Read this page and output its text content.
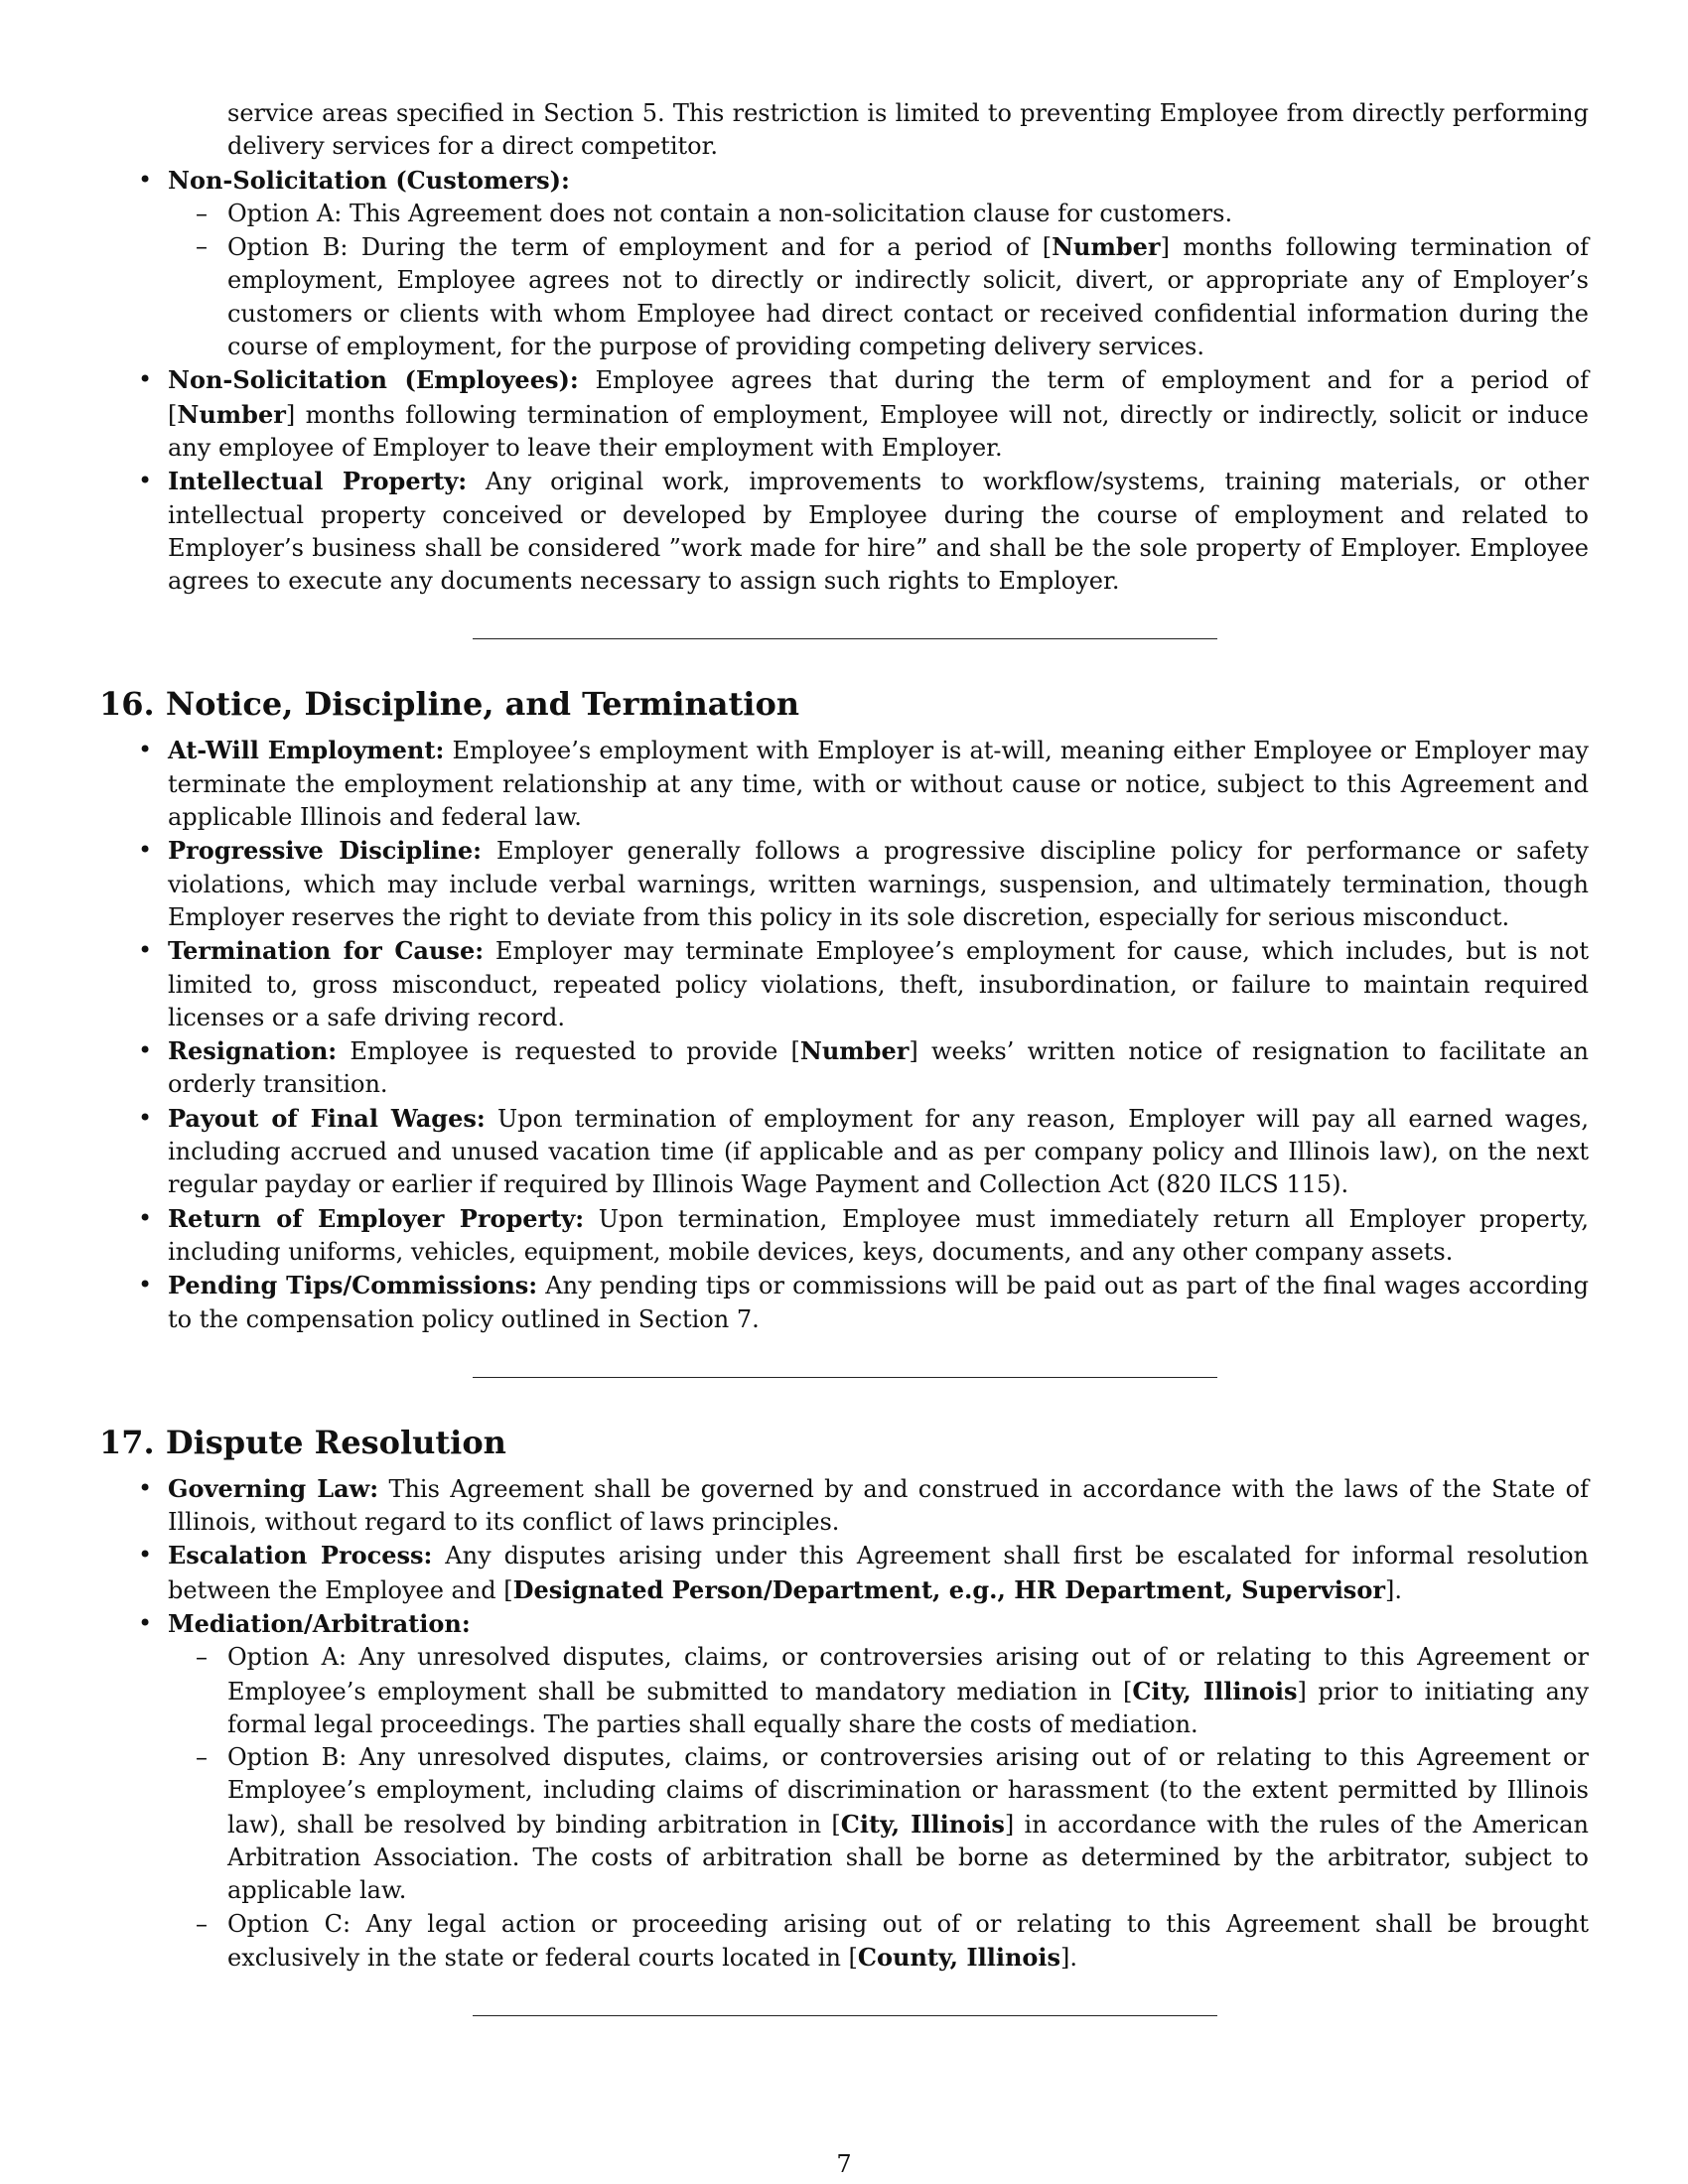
service areas specified in Section 5. This restriction is limited to preventing Employee from directly performing delivery services for a direct competitor.

• Non-Solicitation (Customers):
– Option A: This Agreement does not contain a non-solicitation clause for customers.
– Option B: During the term of employment and for a period of [Number] months following termination of employment, Employee agrees not to directly or indirectly solicit, divert, or appropriate any of Employer’s customers or clients with whom Employee had direct contact or received confidential information during the course of employment, for the purpose of providing competing delivery services.
• Non-Solicitation (Employees): Employee agrees that during the term of employment and for a period of [Number] months following termination of employment, Employee will not, directly or indirectly, solicit or induce any employee of Employer to leave their employment with Employer.
• Intellectual Property: Any original work, improvements to workflow/systems, training materials, or other intellectual property conceived or developed by Employee during the course of employment and related to Employer’s business shall be considered ”work made for hire” and shall be the sole property of Employer. Employee agrees to execute any documents necessary to assign such rights to Employer.
16. Notice, Discipline, and Termination
• At-Will Employment: Employee’s employment with Employer is at-will, meaning either Employee or Employer may terminate the employment relationship at any time, with or without cause or notice, subject to this Agreement and applicable Illinois and federal law.
• Progressive Discipline: Employer generally follows a progressive discipline policy for performance or safety violations, which may include verbal warnings, written warnings, suspension, and ultimately termination, though Employer reserves the right to deviate from this policy in its sole discretion, especially for serious misconduct.
• Termination for Cause: Employer may terminate Employee’s employment for cause, which includes, but is not limited to, gross misconduct, repeated policy violations, theft, insubordination, or failure to maintain required licenses or a safe driving record.
• Resignation: Employee is requested to provide [Number] weeks’ written notice of resignation to facilitate an orderly transition.
• Payout of Final Wages: Upon termination of employment for any reason, Employer will pay all earned wages, including accrued and unused vacation time (if applicable and as per company policy and Illinois law), on the next regular payday or earlier if required by Illinois Wage Payment and Collection Act (820 ILCS 115).
• Return of Employer Property: Upon termination, Employee must immediately return all Employer property, including uniforms, vehicles, equipment, mobile devices, keys, documents, and any other company assets.
• Pending Tips/Commissions: Any pending tips or commissions will be paid out as part of the final wages according to the compensation policy outlined in Section 7.
17. Dispute Resolution
• Governing Law: This Agreement shall be governed by and construed in accordance with the laws of the State of Illinois, without regard to its conflict of laws principles.
• Escalation Process: Any disputes arising under this Agreement shall first be escalated for informal resolution between the Employee and [Designated Person/Department, e.g., HR Department, Supervisor].
• Mediation/Arbitration:
– Option A: Any unresolved disputes, claims, or controversies arising out of or relating to this Agreement or Employee’s employment shall be submitted to mandatory mediation in [City, Illinois] prior to initiating any formal legal proceedings. The parties shall equally share the costs of mediation.
– Option B: Any unresolved disputes, claims, or controversies arising out of or relating to this Agreement or Employee’s employment, including claims of discrimination or harassment (to the extent permitted by Illinois law), shall be resolved by binding arbitration in [City, Illinois] in accordance with the rules of the American Arbitration Association. The costs of arbitration shall be borne as determined by the arbitrator, subject to applicable law.
– Option C: Any legal action or proceeding arising out of or relating to this Agreement shall be brought exclusively in the state or federal courts located in [County, Illinois].
7
